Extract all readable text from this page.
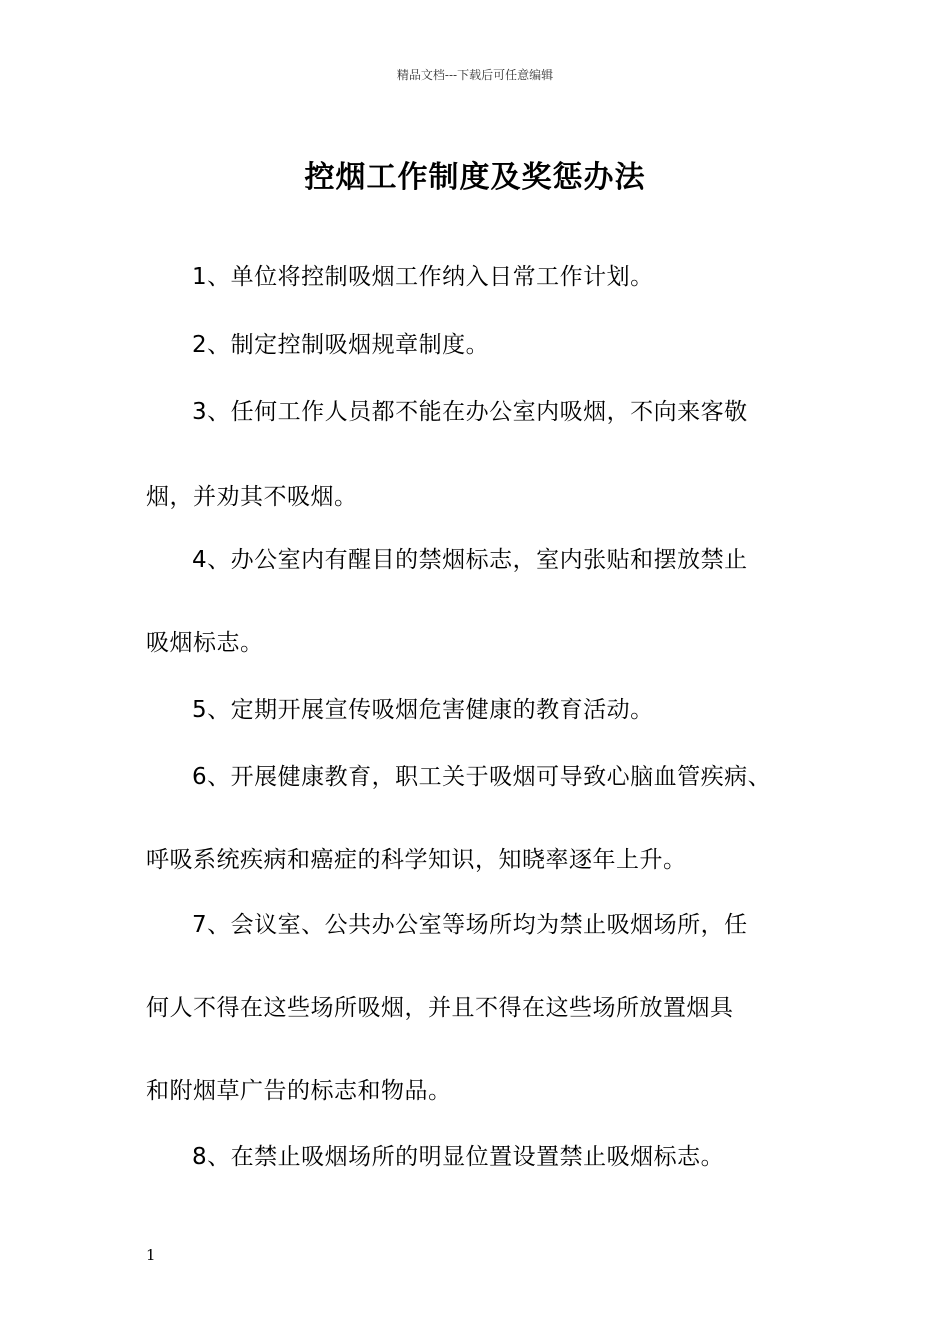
精品文档---下载后可任意编辑
控烟工作制度及奖惩办法
1、单位将控制吸烟工作纳入日常工作计划。
2、制定控制吸烟规章制度。
3、任何工作人员都不能在办公室内吸烟，不向来客敬
烟，并劝其不吸烟。
4、办公室内有醒目的禁烟标志，室内张贴和摆放禁止
吸烟标志。
5、定期开展宣传吸烟危害健康的教育活动。
6、开展健康教育，职工关于吸烟可导致心脑血管疾病、
呼吸系统疾病和癌症的科学知识，知晓率逐年上升。
7、会议室、公共办公室等场所均为禁止吸烟场所，任
何人不得在这些场所吸烟，并且不得在这些场所放置烟具
和附烟草广告的标志和物品。
8、在禁止吸烟场所的明显位置设置禁止吸烟标志。
1
